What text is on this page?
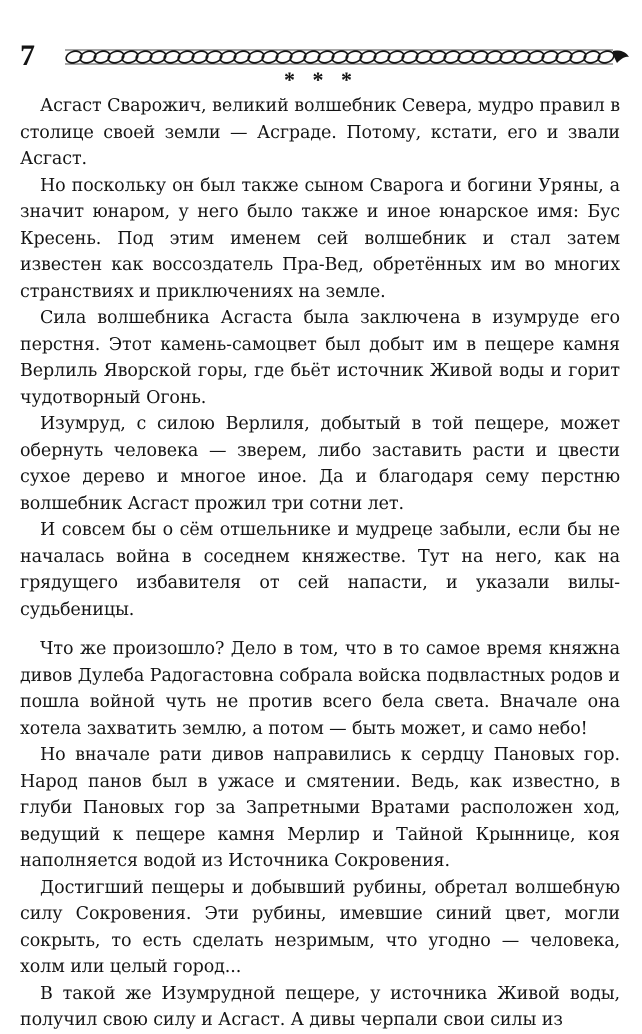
7
* * *

Асгаст Сварожич, великий волшебник Севера, мудро правил в столице своей земли — Асграде. Потому, кстати, его и звали Асгаст.

Но поскольку он был также сыном Сварога и богини Уряны, а значит юнаром, у него было также и иное юнарское имя: Бус Кресень. Под этим именем сей волшебник и стал затем известен как воссоздатель Пра-Вед, обретённых им во многих странствиях и приключениях на земле.

Сила волшебника Асгаста была заключена в изумруде его перстня. Этот камень-самоцвет был добыт им в пещере камня Верлиль Яворской горы, где бьёт источник Живой воды и горит чудотворный Огонь.

Изумруд, с силою Верлиля, добытый в той пещере, может обернуть человека — зверем, либо заставить расти и цвести сухое дерево и многое иное. Да и благодаря сему перстню волшебник Асгаст прожил три сотни лет.

И совсем бы о сём отшельнике и мудреце забыли, если бы не началась война в соседнем княжестве. Тут на него, как на грядущего избавителя от сей напасти, и указали вилысудьбеницы.

Что же произошло? Дело в том, что в то самое время княжна дивов Дулеба Радогастовна собрала войска подвластных родов и пошла войной чуть не против всего бела света. Вначале она хотела захватить землю, а потом — быть может, и само небо!

Но вначале рати дивов направились к сердцу Пановых гор. Народ панов был в ужасе и смятении. Ведь, как известно, в глуби Пановых гор за Запретными Вратами расположен ход, ведущий к пещере камня Мерлир и Тайной Крыннице, коя наполняется водой из Источника Сокровения.

Достигший пещеры и добывший рубины, обретал волшебную силу Сокровения. Эти рубины, имевшие синий цвет, могли сокрыть, то есть сделать незримым, что угодно — человека, холм или целый город...

В такой же Изумрудной пещере, у источника Живой воды, получил свою силу и Асгаст. А дивы черпали свои силы из
